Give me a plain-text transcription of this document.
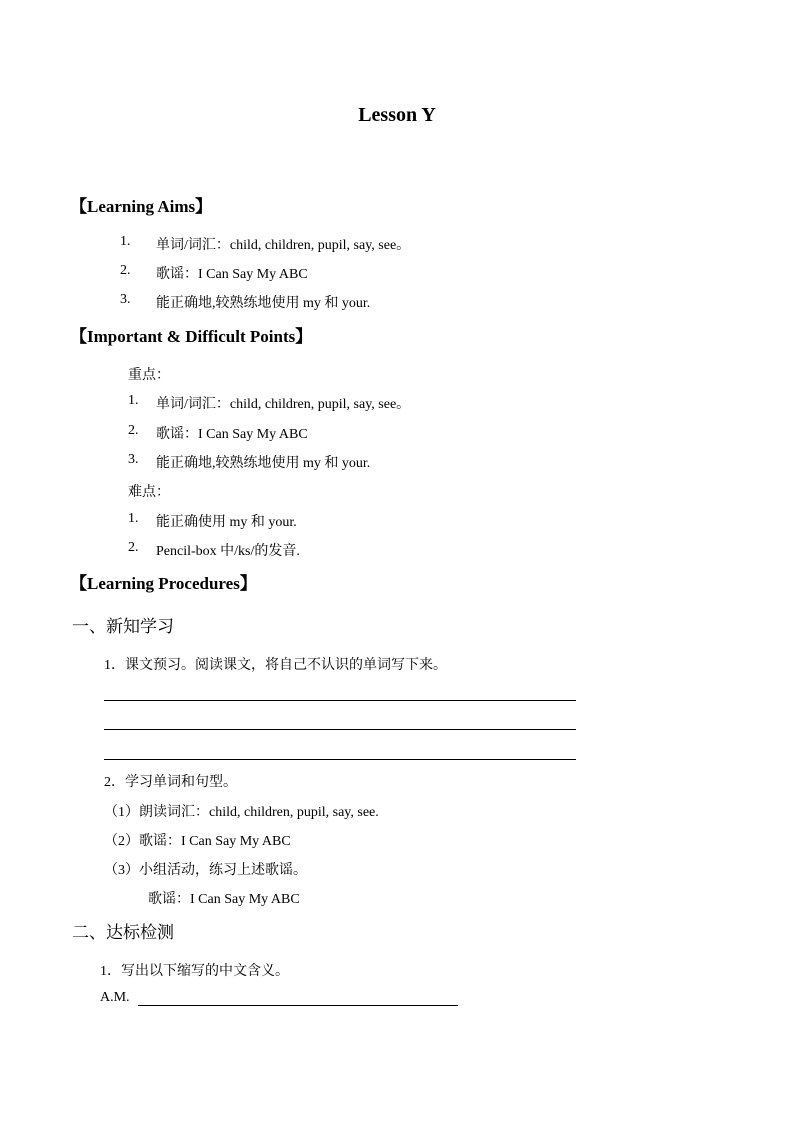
Lesson Y
【Learning Aims】
1. 单词/词汇：child, children, pupil, say, see。
2. 歌谣：I Can Say My ABC
3. 能正确地,较熟练地使用 my 和 your.
【Important & Difficult Points】
重点：
1. 单词/词汇：child, children, pupil, say, see。
2. 歌谣：I Can Say My ABC
3. 能正确地,较熟练地使用 my 和 your.
难点：
1. 能正确使用 my 和 your.
2. Pencil-box 中/ks/的发音.
【Learning Procedures】
一、新知学习
1．课文预习。阅读课文，将自己不认识的单词写下来。
2．学习单词和句型。
（1）朗读词汇：child, children, pupil, say, see.
（2）歌谣：I Can Say My ABC
（3）小组活动，练习上述歌谣。
歌谣：I Can Say My ABC
二、达标检测
1．写出以下缩写的中文含义。
A.M.
